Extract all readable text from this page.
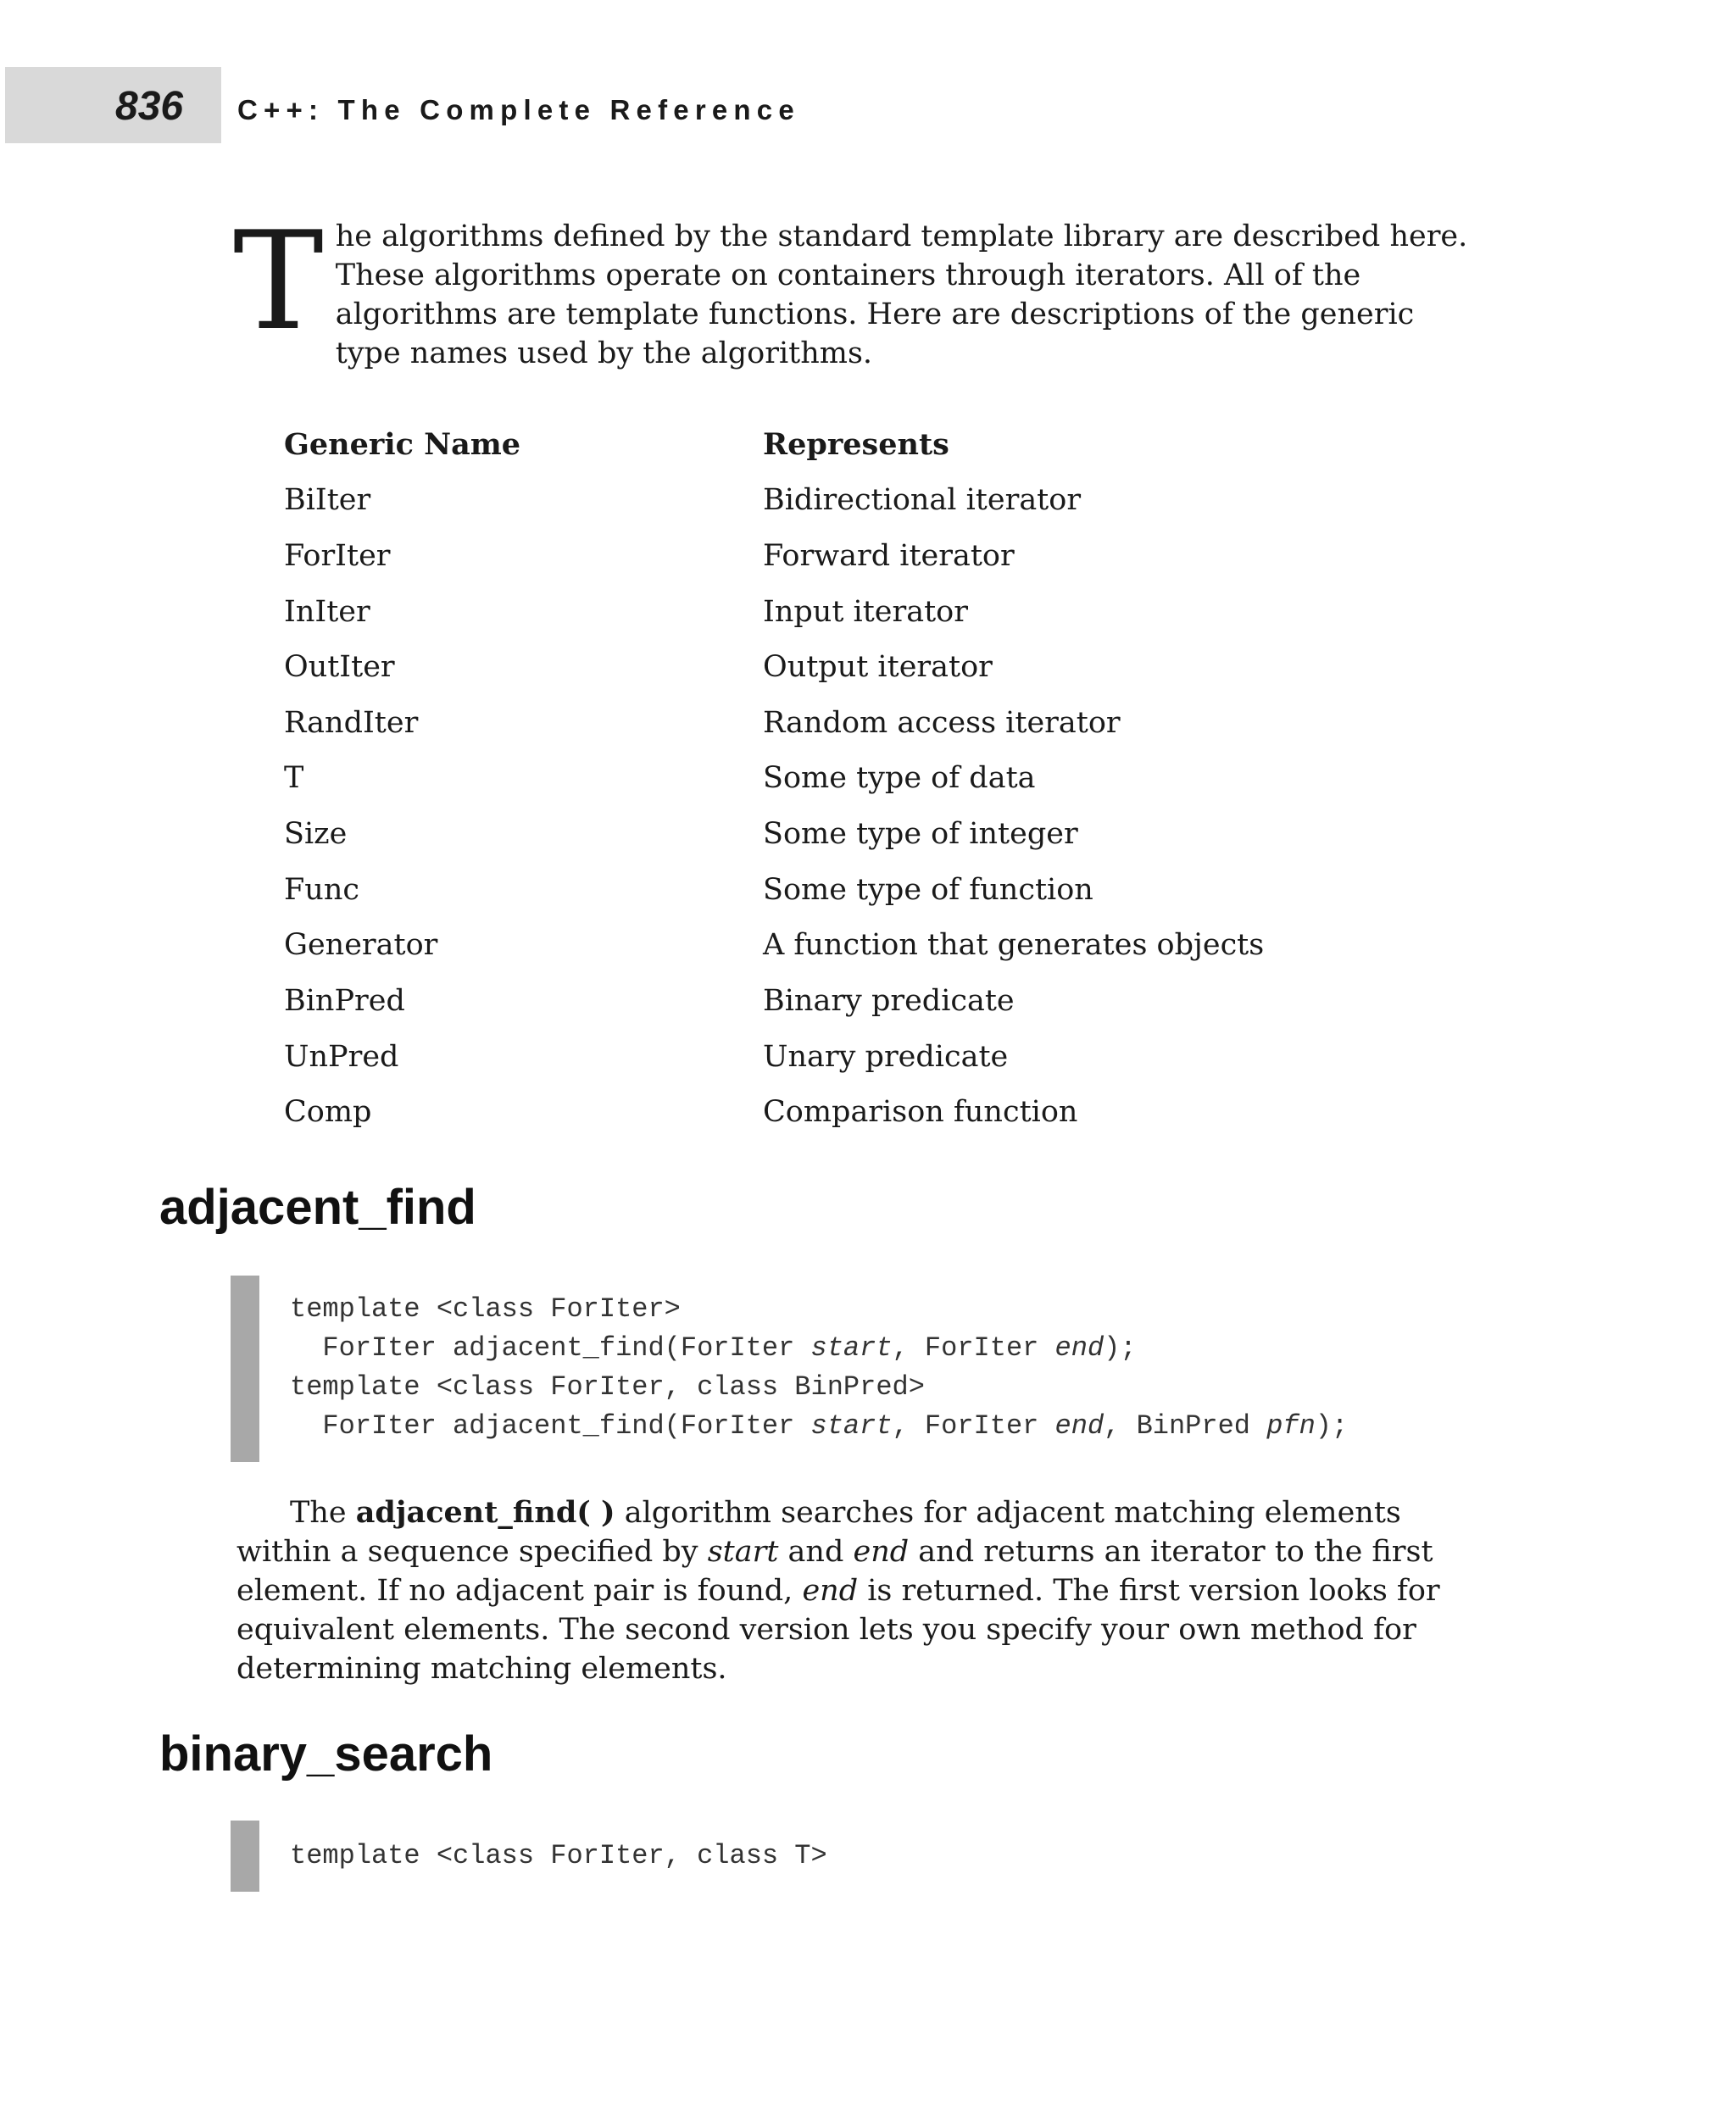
836 C++: The Complete Reference
The algorithms defined by the standard template library are described here. These algorithms operate on containers through iterators. All of the algorithms are template functions. Here are descriptions of the generic type names used by the algorithms.
Generic Name	Represents
BiIter	Bidirectional iterator
ForIter	Forward iterator
InIter	Input iterator
OutIter	Output iterator
RandIter	Random access iterator
T	Some type of data
Size	Some type of integer
Func	Some type of function
Generator	A function that generates objects
BinPred	Binary predicate
UnPred	Unary predicate
Comp	Comparison function
adjacent_find
template <class ForIter>
ForIter adjacent_find(ForIter start, ForIter end);
template <class ForIter, class BinPred>
ForIter adjacent_find(ForIter start, ForIter end, BinPred pfn);
The adjacent_find( ) algorithm searches for adjacent matching elements within a sequence specified by start and end and returns an iterator to the first element. If no adjacent pair is found, end is returned. The first version looks for equivalent elements. The second version lets you specify your own method for determining matching elements.
binary_search
template <class ForIter, class T>
